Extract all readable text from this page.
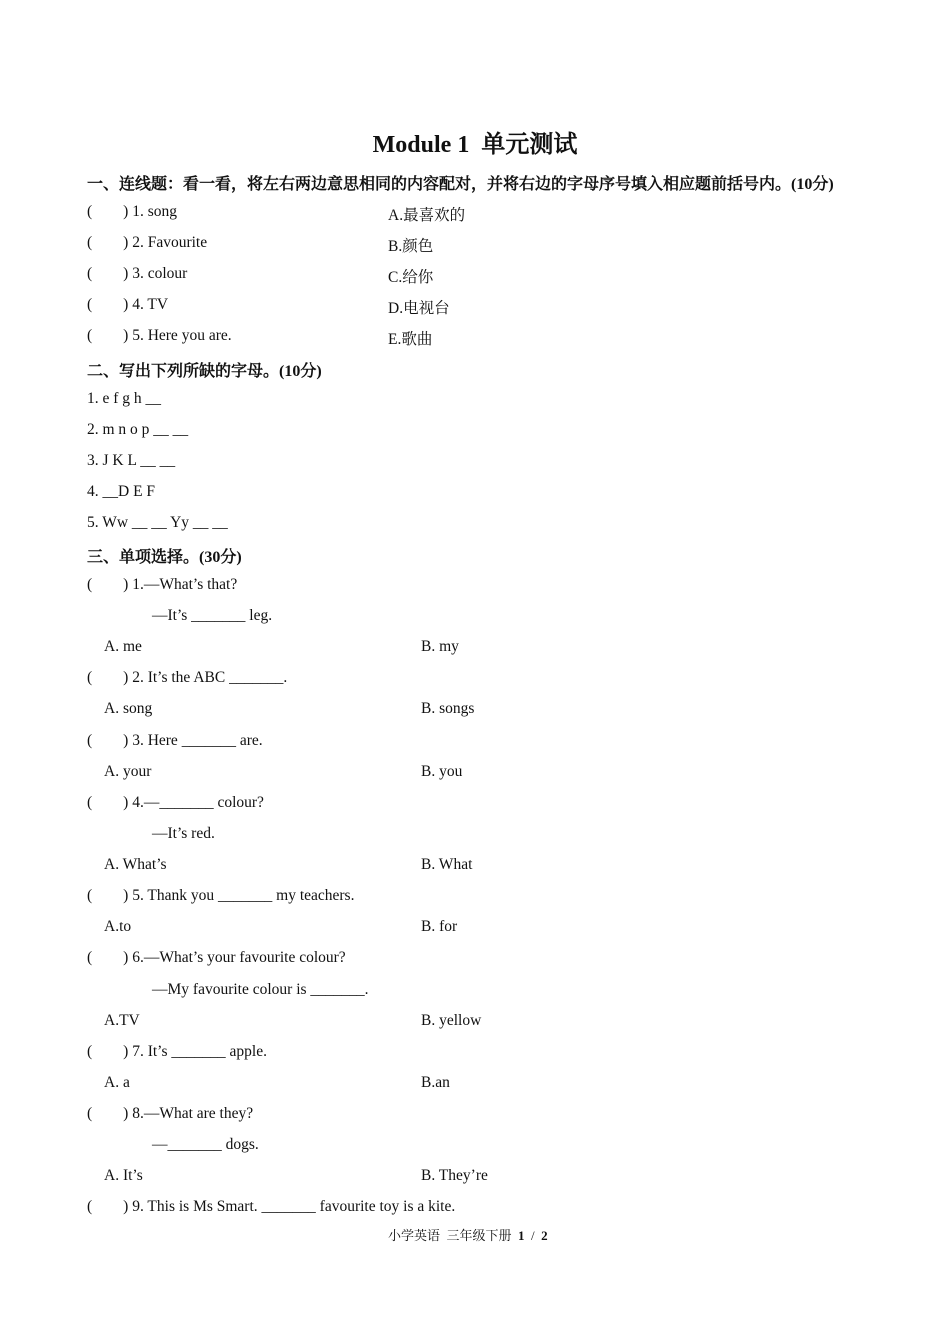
Module 1  单元测试
一、连线题：看一看，将左右两边意思相同的内容配对，并将右边的字母序号填入相应题前括号内。(10分)
(        ) 1. song	A.最喜欢的
(        ) 2. Favourite	B.颜色
(        ) 3. colour	C.给你
(        ) 4. TV	D.电视台
(        ) 5. Here you are.	E.歌曲
二、写出下列所缺的字母。(10分)
1. e f g h __
2. m n o p __ __
3. J K L __ __
4. __D E F
5. Ww __ __ Yy __ __
三、单项选择。(30分)
(        ) 1.—What’s that?
—It’s _______ leg.
A. me	B. my
(        ) 2. It’s the ABC _______.
A. song	B. songs
(        ) 3. Here _______ are.
A. your	B. you
(        ) 4.—_______ colour?
—It’s red.
A. What’s	B. What
(        ) 5. Thank you _______ my teachers.
A.to	B. for
(        ) 6.—What’s your favourite colour?
—My favourite colour is _______.
A.TV	B. yellow
(        ) 7. It’s _______ apple.
A. a	B.an
(        ) 8.—What are they?
—_______ dogs.
A. It’s	B. They’re
(        ) 9. This is Ms Smart. _______ favourite toy is a kite.
小学英语  三年级下册 1 / 2
